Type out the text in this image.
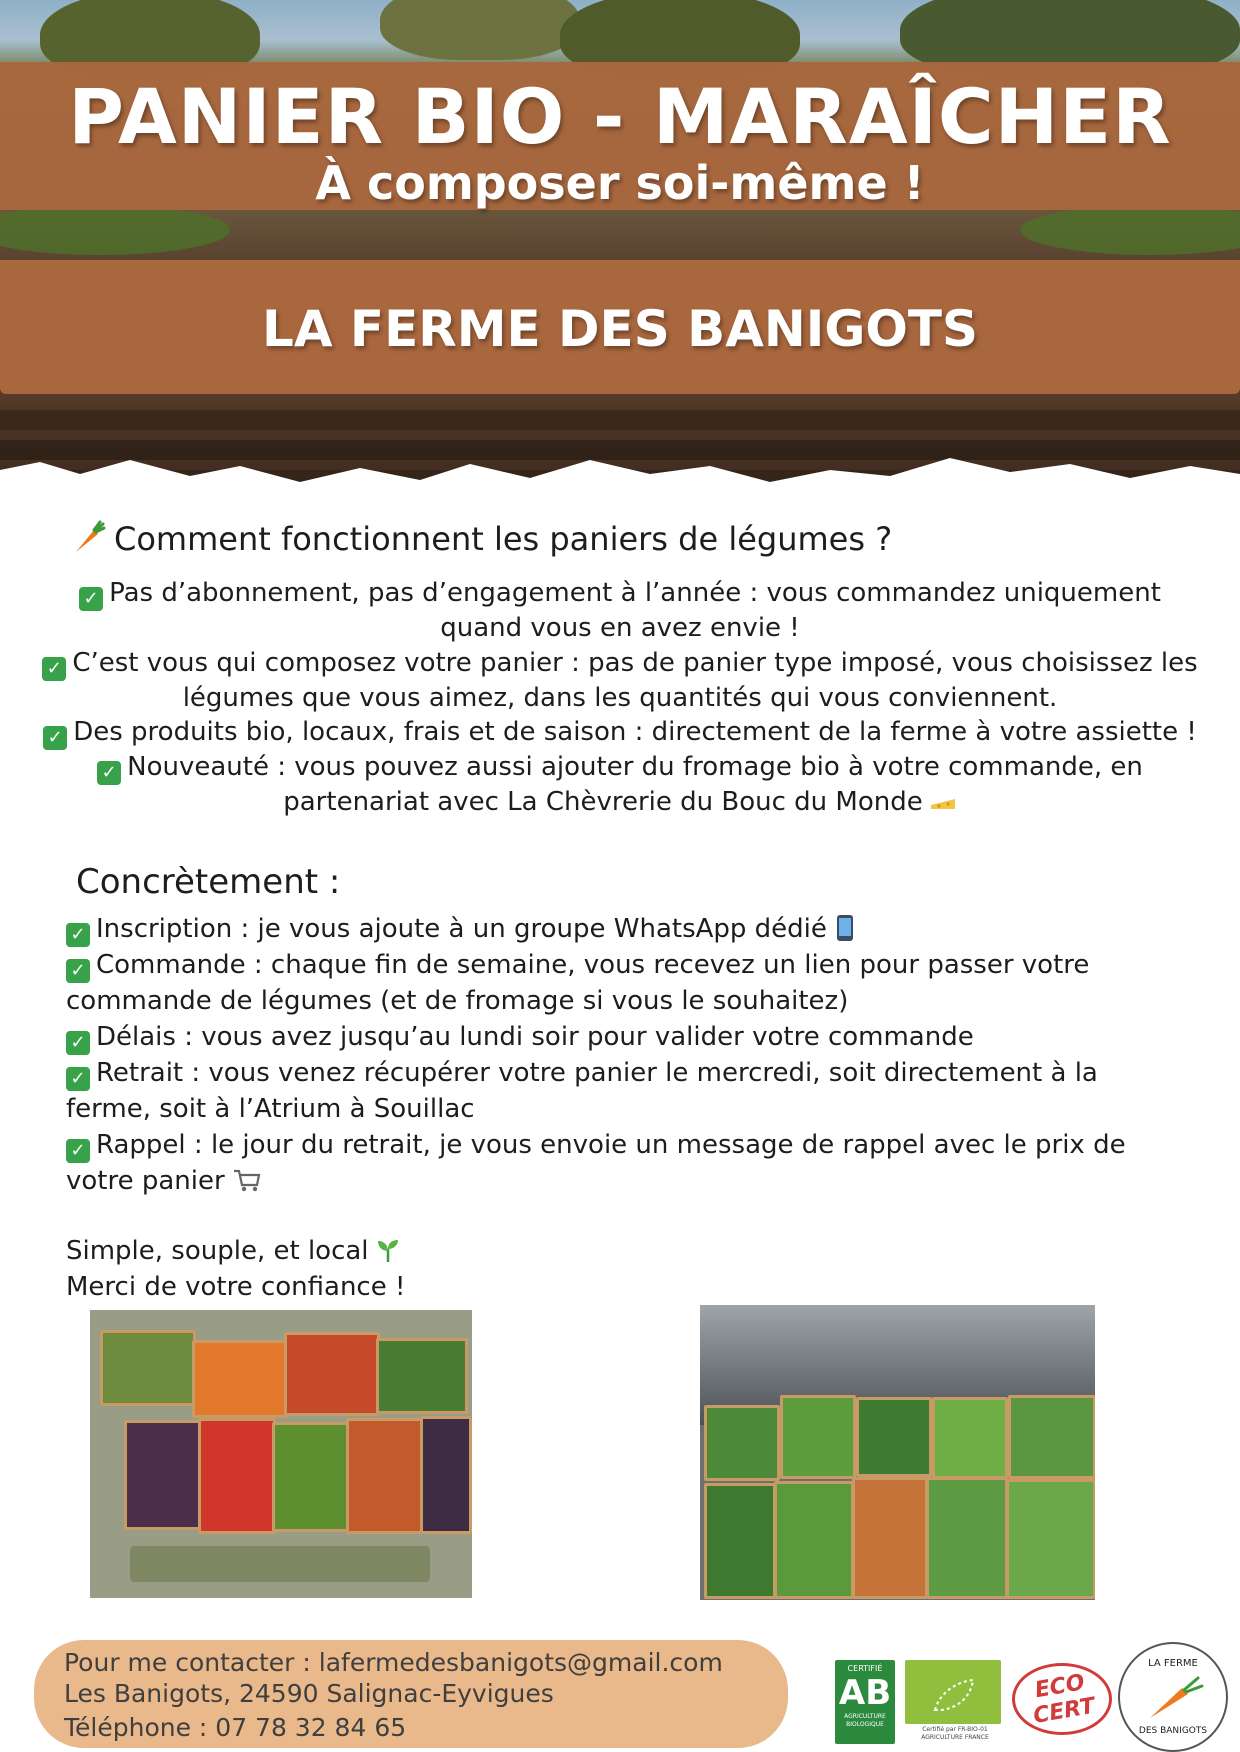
PANIER BIO - MARAÎCHER
À composer soi-même !
LA FERME DES BANIGOTS
Comment fonctionnent les paniers de légumes ?
✓ Pas d’abonnement, pas d’engagement à l’année : vous commandez uniquement quand vous en avez envie !
✓ C’est vous qui composez votre panier : pas de panier type imposé, vous choisissez les légumes que vous aimez, dans les quantités qui vous conviennent.
✓ Des produits bio, locaux, frais et de saison : directement de la ferme à votre assiette !
✓ Nouveauté : vous pouvez aussi ajouter du fromage bio à votre commande, en partenariat avec La Chèvrerie du Bouc du Monde
Concrètement :
✓ Inscription : je vous ajoute à un groupe WhatsApp dédié
✓ Commande : chaque fin de semaine, vous recevez un lien pour passer votre commande de légumes (et de fromage si vous le souhaitez)
✓ Délais : vous avez jusqu’au lundi soir pour valider votre commande
✓ Retrait : vous venez récupérer votre panier le mercredi, soit directement à la ferme, soit à l’Atrium à Souillac
✓ Rappel : le jour du retrait, je vous envoie un message de rappel avec le prix de votre panier
Simple, souple, et local
Merci de votre confiance !
Pour me contacter : lafermedesbanigots@gmail.com
Les Banigots, 24590 Salignac-Eyvigues
Téléphone : 07 78 32 84 65
CERTIFIÉ
AB
AGRICULTURE BIOLOGIQUE
Certifié par FR-BIO-01 AGRICULTURE FRANCE
ECO CERT
LA FERME
DES BANIGOTS
